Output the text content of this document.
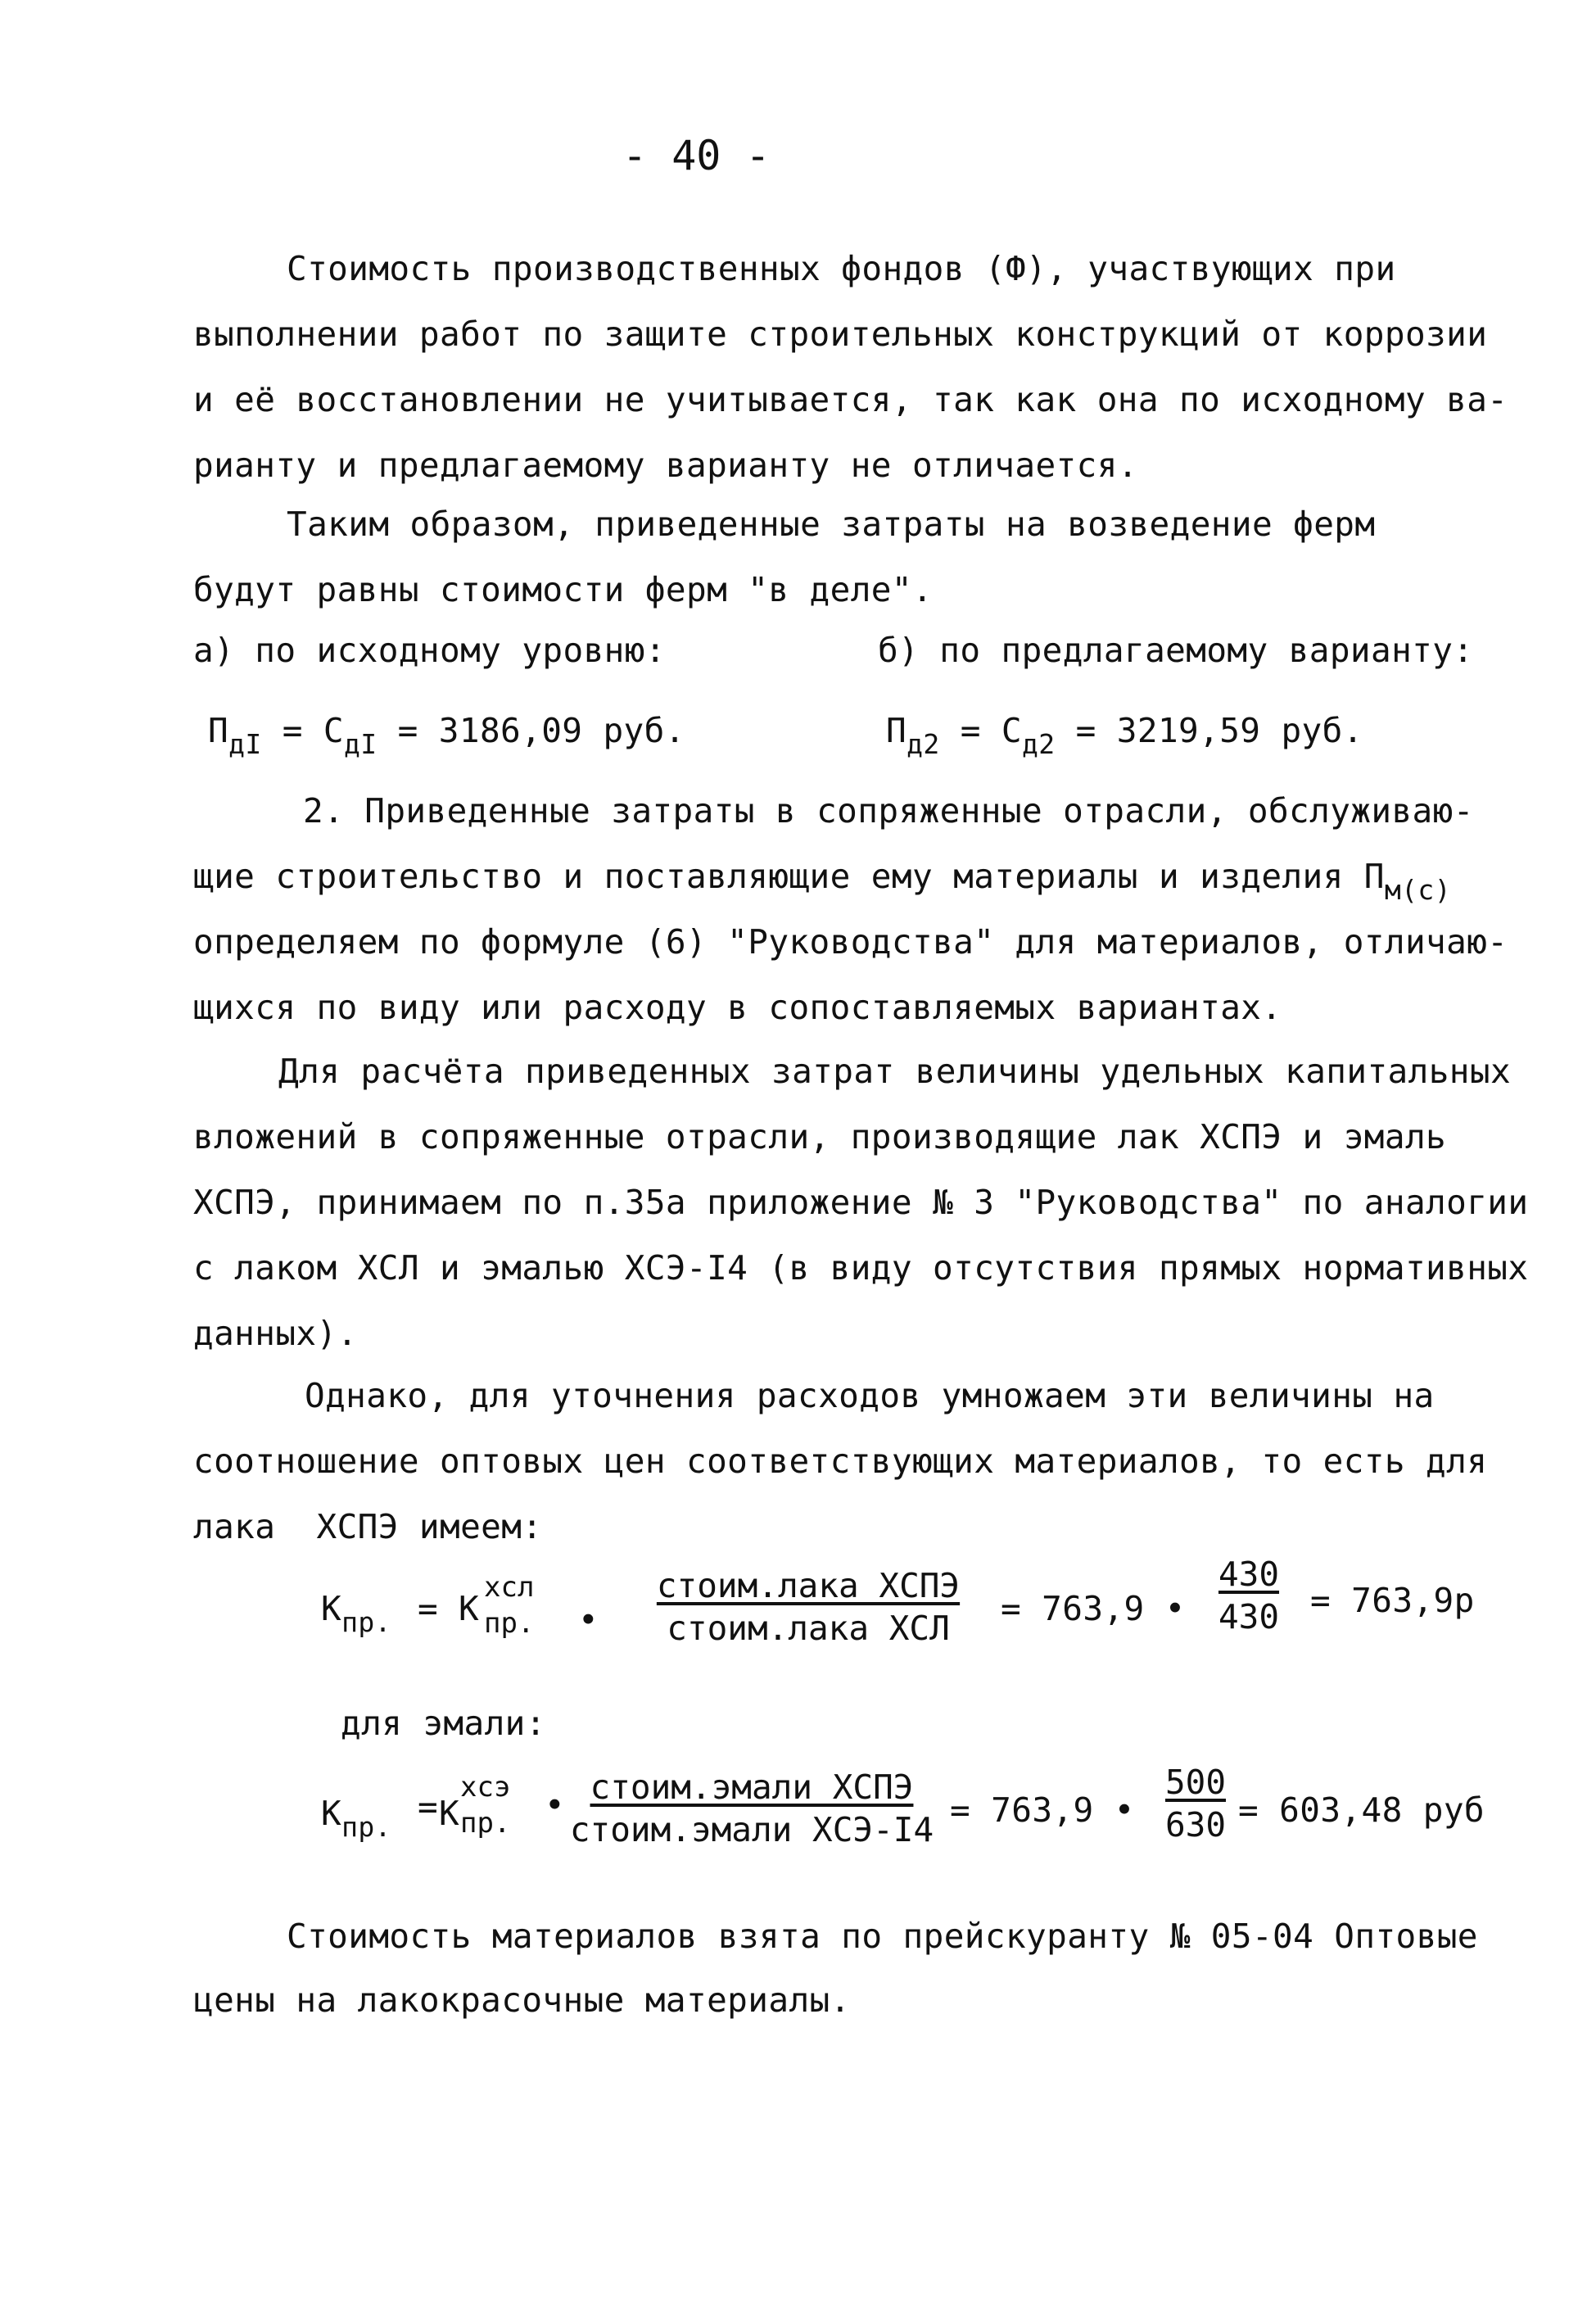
- 40 -
Стоимость производственных фондов (Ф), участвующих при
выполнении работ по защите строительных конструкций от коррозии
и её восстановлении не учитывается, так как она по исходному ва-
рианту и предлагаемому варианту не отличается.
Таким образом, приведенные затраты на возведение ферм
будут равны стоимости ферм "в деле".
а) по исходному уровню:	б) по предлагаемому варианту:
$П_{дI} = С_{дI} = 3186,09$ руб.	$П_{д2} = С_{д2} = 3219,59$ руб.
2. Приведенные затраты в сопряженные отрасли, обслуживаю-
щие строительство и поставляющие ему материалы и изделия $П_{м(с)}$
определяем по формуле (6) "Руководства" для материалов, отличаю-
щихся по виду или расходу в сопоставляемых вариантах.
Для расчёта приведенных затрат величины удельных капитальных
вложений в сопряженные отрасли, производящие лак ХСПЭ и эмаль
ХСПЭ, принимаем по п.35а приложение № 3 "Руководства" по аналогии
с лаком ХСЛ и эмалью ХСЭ-I4 (в виду отсутствия прямых нормативных
данных).
Однако, для уточнения расходов умножаем эти величины на
соотношение оптовых цен соответствующих материалов, то есть для
лака  ХСПЭ имеем:
$К_{пр.} = К$
хсл
пр. •
стоим.лака ХСПЭ
стоим.лака ХСЛ	= 763,9 • $\frac{430}{430} = 763,9р$
для эмали:
$К_{пр.}$
= К
хсэ
пр. • стоим.эмали ХСПЭ
стоим.эмали ХСЭ-I4 = 763,9 • $\frac{500}{630} = 603,48$ руб
Стоимость материалов взята по прейскуранту № 05-04 Оптовые
цены на лакокрасочные материалы.
